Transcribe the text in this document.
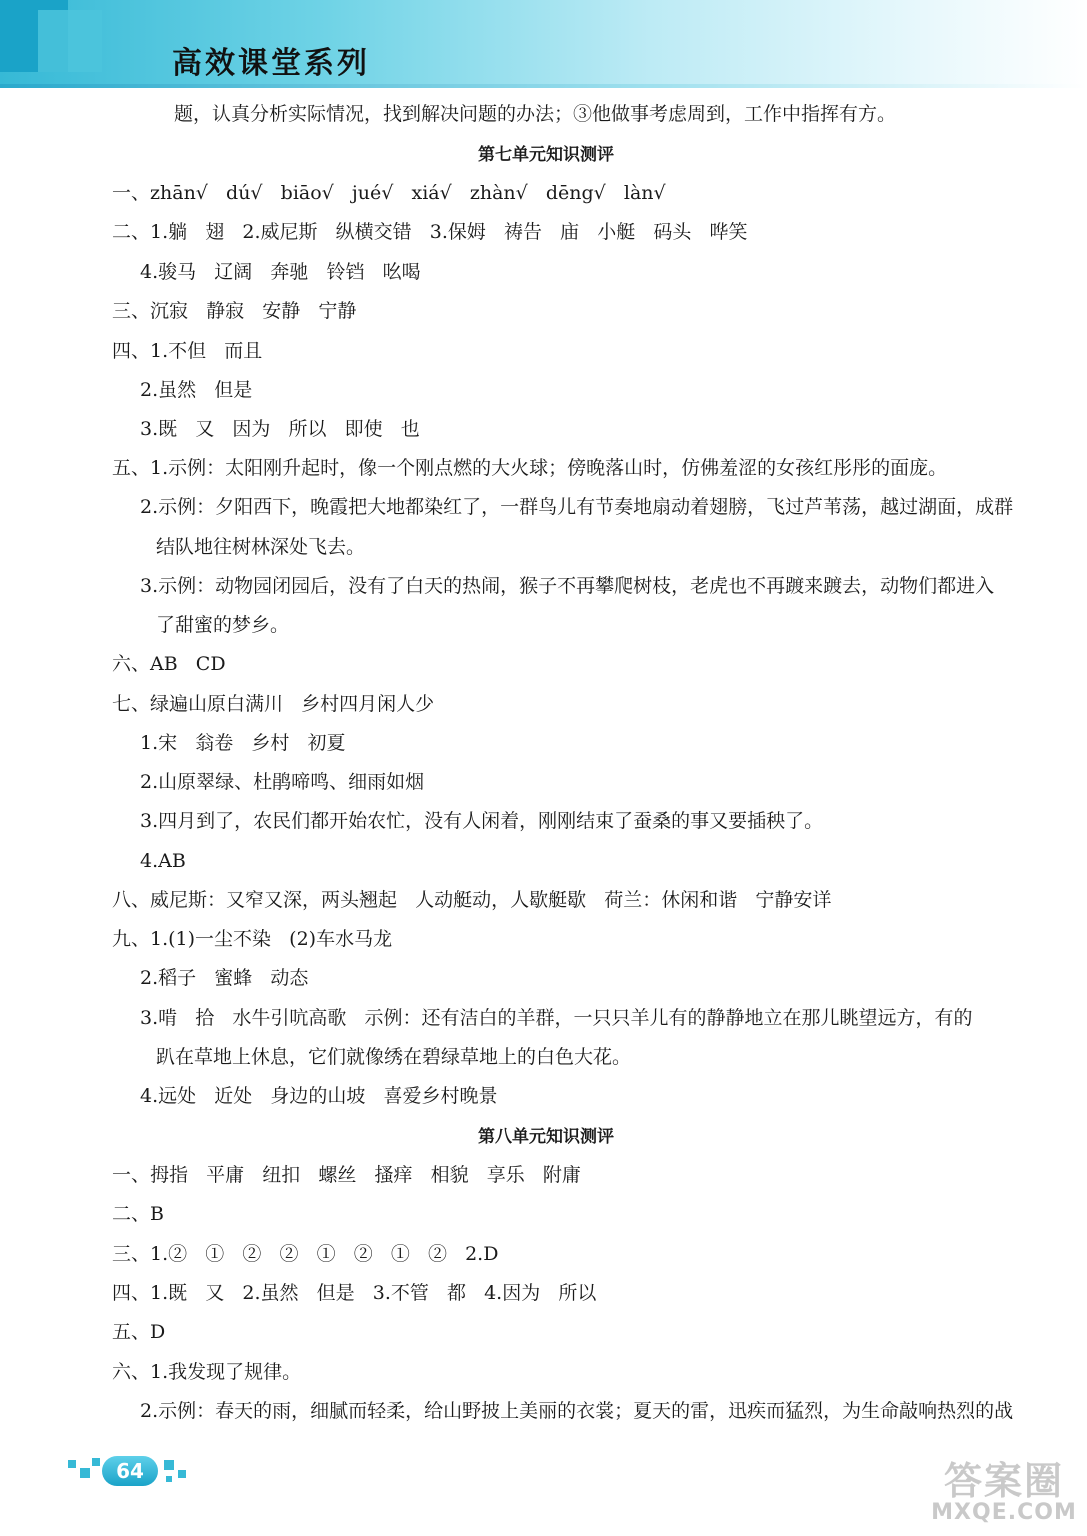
高效课堂系列
题，认真分析实际情况，找到解决问题的办法；③他做事考虑周到，工作中指挥有方。
第七单元知识测评
一、zhān√   dú√   biāo√   jué√   xiá√   zhàn√   dēng√   làn√
二、1.躺   翅   2.威尼斯   纵横交错   3.保姆   祷告   庙   小艇   码头   哗笑
4.骏马   辽阔   奔驰   铃铛   吆喝
三、沉寂   静寂   安静   宁静
四、1.不但   而且
2.虽然   但是
3.既   又   因为   所以   即使   也
五、1.示例：太阳刚升起时，像一个刚点燃的大火球；傍晚落山时，仿佛羞涩的女孩红彤彤的面庞。
2.示例：夕阳西下，晚霞把大地都染红了，一群鸟儿有节奏地扇动着翅膀，飞过芦苇荡，越过湖面，成群
结队地往树林深处飞去。
3.示例：动物园闭园后，没有了白天的热闹，猴子不再攀爬树枝，老虎也不再踱来踱去，动物们都进入
了甜蜜的梦乡。
六、AB   CD
七、绿遍山原白满川   乡村四月闲人少
1.宋   翁卷   乡村   初夏
2.山原翠绿、杜鹃啼鸣、细雨如烟
3.四月到了，农民们都开始农忙，没有人闲着，刚刚结束了蚕桑的事又要插秧了。
4.AB
八、威尼斯：又窄又深，两头翘起   人动艇动，人歇艇歇   荷兰：休闲和谐   宁静安详
九、1.(1)一尘不染   (2)车水马龙
2.稻子   蜜蜂   动态
3.啃   拾   水牛引吭高歌   示例：还有洁白的羊群，一只只羊儿有的静静地立在那儿眺望远方，有的
趴在草地上休息，它们就像绣在碧绿草地上的白色大花。
4.远处   近处   身边的山坡   喜爱乡村晚景
第八单元知识测评
一、拇指   平庸   纽扣   螺丝   搔痒   相貌   享乐   附庸
二、B
三、1.②   ①   ②   ②   ①   ②   ①   ②   2.D
四、1.既   又   2.虽然   但是   3.不管   都   4.因为   所以
五、D
六、1.我发现了规律。
2.示例：春天的雨，细腻而轻柔，给山野披上美丽的衣裳；夏天的雷，迅疾而猛烈，为生命敲响热烈的战
64	答案圈
MXQE.COM
